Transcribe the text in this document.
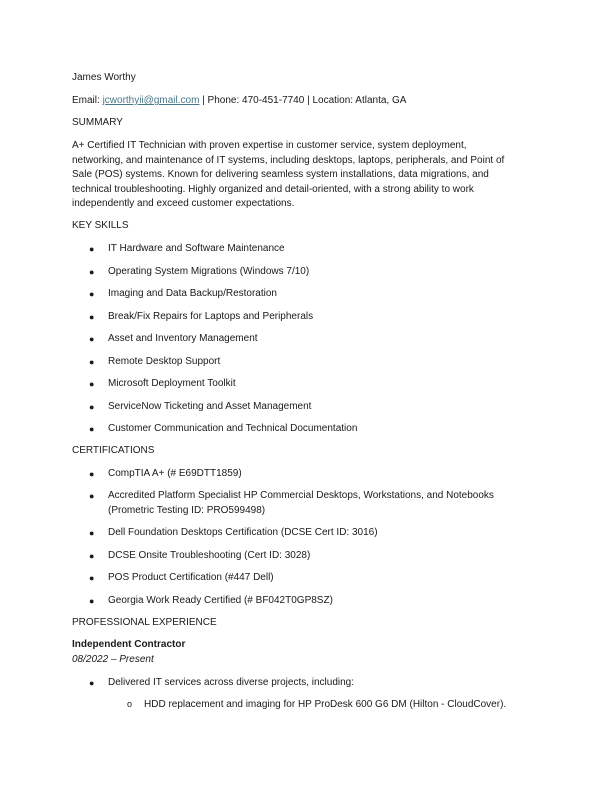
James Worthy
Email: jcworthyii@gmail.com | Phone: 470-451-7740 | Location: Atlanta, GA
SUMMARY
A+ Certified IT Technician with proven expertise in customer service, system deployment,
networking, and maintenance of IT systems, including desktops, laptops, peripherals, and Point of
Sale (POS) systems. Known for delivering seamless system installations, data migrations, and
technical troubleshooting. Highly organized and detail-oriented, with a strong ability to work
independently and exceed customer expectations.
KEY SKILLS
● IT Hardware and Software Maintenance
● Operating System Migrations (Windows 7/10)
● Imaging and Data Backup/Restoration
● Break/Fix Repairs for Laptops and Peripherals
● Asset and Inventory Management
● Remote Desktop Support
● Microsoft Deployment Toolkit
● ServiceNow Ticketing and Asset Management
● Customer Communication and Technical Documentation
CERTIFICATIONS
● CompTIA A+ (# E69DTT1859)
● Accredited Platform Specialist HP Commercial Desktops, Workstations, and Notebooks
(Prometric Testing ID: PRO599498)
● Dell Foundation Desktops Certification (DCSE Cert ID: 3016)
● DCSE Onsite Troubleshooting (Cert ID: 3028)
● POS Product Certification (#447 Dell)
● Georgia Work Ready Certified (# BF042T0GP8SZ)
PROFESSIONAL EXPERIENCE
Independent Contractor
08/2022 – Present
● Delivered IT services across diverse projects, including:
o HDD replacement and imaging for HP ProDesk 600 G6 DM (Hilton - CloudCover).
